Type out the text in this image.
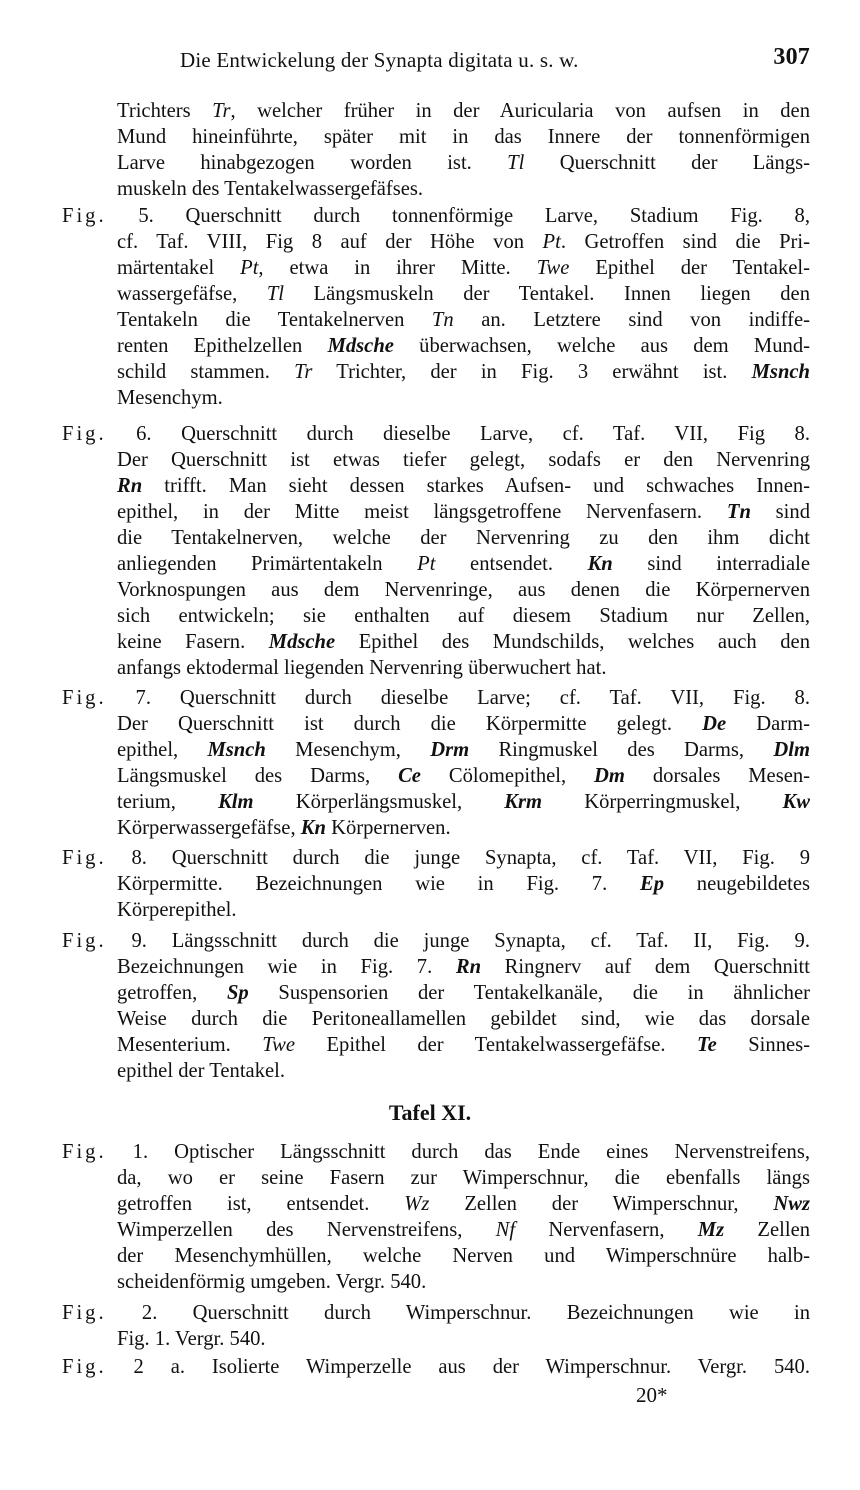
Die Entwickelung der Synapta digitata u. s. w.	307
Trichters Tr, welcher früher in der Auricularia von aufsen in den
Mund hineinführte, später mit in das Innere der tonnenförmigen
Larve hinabgezogen worden ist. Tl Querschnitt der Längs-
muskeln des Tentakelwassergefäfses.
Fig. 5. Querschnitt durch tonnenförmige Larve, Stadium Fig. 8,
cf. Taf. VIII, Fig 8 auf der Höhe von Pt. Getroffen sind die Pri-
märtentakel Pt, etwa in ihrer Mitte. Twe Epithel der Tentakel-
wassergefäfse, Tl Längsmuskeln der Tentakel. Innen liegen den
Tentakeln die Tentakelnerven Tn an. Letztere sind von indiffe-
renten Epithelzellen Mdsche überwachsen, welche aus dem Mund-
schild stammen. Tr Trichter, der in Fig. 3 erwähnt ist. Msnch
Mesenchym.
Fig. 6. Querschnitt durch dieselbe Larve, cf. Taf. VII, Fig 8.
Der Querschnitt ist etwas tiefer gelegt, sodafs er den Nervenring
Rn trifft. Man sieht dessen starkes Aufsen- und schwaches Innen-
epithel, in der Mitte meist längsgetroffene Nervenfasern. Tn sind
die Tentakelnerven, welche der Nervenring zu den ihm dicht
anliegenden Primärtentakeln Pt entsendet. Kn sind interradiale
Vorknospungen aus dem Nervenringe, aus denen die Körpernerven
sich entwickeln; sie enthalten auf diesem Stadium nur Zellen,
keine Fasern. Mdsche Epithel des Mundschilds, welches auch den
anfangs ektodermal liegenden Nervenring überwuchert hat.
Fig. 7. Querschnitt durch dieselbe Larve; cf. Taf. VII, Fig. 8.
Der Querschnitt ist durch die Körpermitte gelegt. De Darm-
epithel, Msnch Mesenchym, Drm Ringmuskel des Darms, Dlm
Längsmuskel des Darms, Ce Cölomepithel, Dm dorsales Mesen-
terium, Klm Körperlängsmuskel, Krm Körperringmuskel, Kw
Körperwassergefäfse, Kn Körpernerven.
Fig. 8. Querschnitt durch die junge Synapta, cf. Taf. VII, Fig. 9
Körpermitte. Bezeichnungen wie in Fig. 7. Ep neugebildetes
Körperepithel.
Fig. 9. Längsschnitt durch die junge Synapta, cf. Taf. II, Fig. 9.
Bezeichnungen wie in Fig. 7. Rn Ringnerv auf dem Querschnitt
getroffen, Sp Suspensorien der Tentakelkanäle, die in ähnlicher
Weise durch die Peritoneallamellen gebildet sind, wie das dorsale
Mesenterium. Twe Epithel der Tentakelwassergefäfse. Te Sinnes-
epithel der Tentakel.
Fig. 1. Optischer Längsschnitt durch das Ende eines Nervenstreifens,
da, wo er seine Fasern zur Wimperschnur, die ebenfalls längs
getroffen ist, entsendet. Wz Zellen der Wimperschnur, Nwz
Wimperzellen des Nervenstreifens, Nf Nervenfasern, Mz Zellen
der Mesenchymhüllen, welche Nerven und Wimperschnüre halb-
scheidenförmig umgeben. Vergr. 540.
Fig. 2. Querschnitt durch Wimperschnur. Bezeichnungen wie in
Fig. 1. Vergr. 540.
Fig. 2 a. Isolierte Wimperzelle aus der Wimperschnur. Vergr. 540.
Tafel XI.
20*
